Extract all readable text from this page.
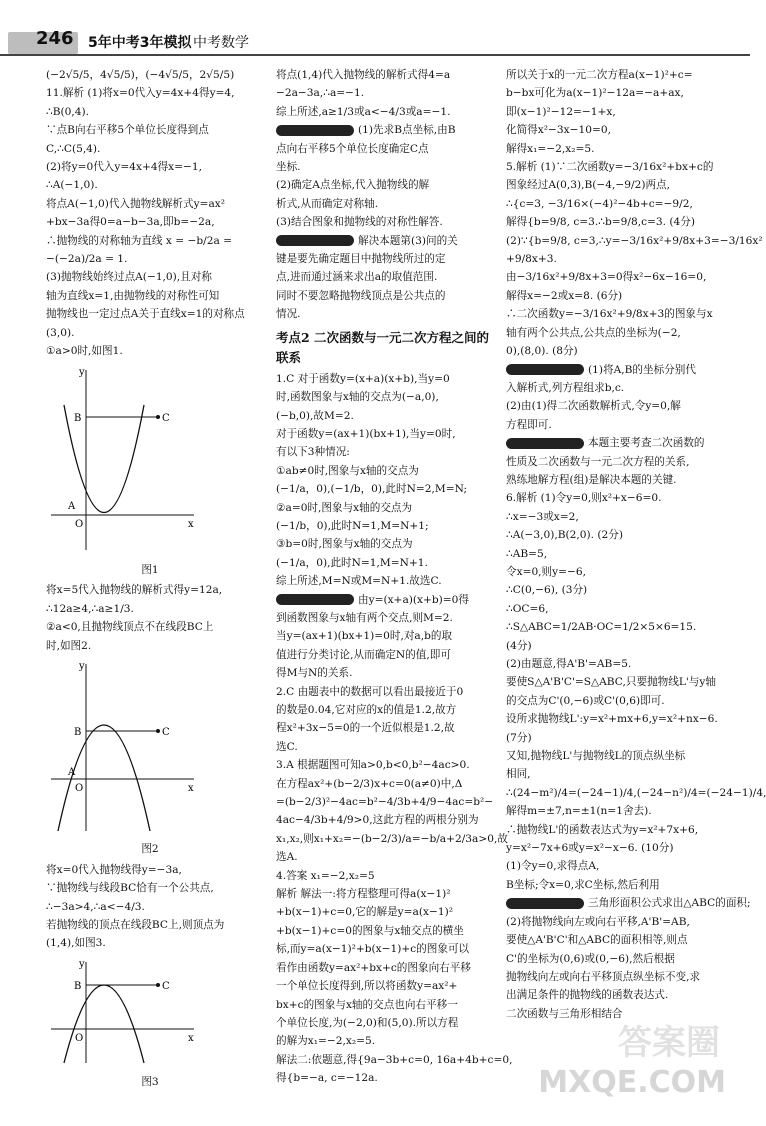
246 5年中考3年模拟 中考数学
(−2√5/5，4√5/5)，(−4√5/5，2√5/5)
11.解析 (1)将x=0代入y=4x+4得y=4,
∴B(0,4).
∵点B向右平移5个单位长度得到点
C,∴C(5,4).
(2)将y=0代入y=4x+4得x=−1,
∴A(−1,0).
将点A(−1,0)代入抛物线解析式y=ax²
+bx−3a得0=a−b−3a,即b=−2a,
∴抛物线的对称轴为直线 x = −b/2a =
−(−2a)/2a = 1.
(3)抛物线始终过点A(−1,0),且对称
轴为直线x=1,由抛物线的对称性可知
抛物线也一定过点A关于直线x=1的对称点
(3,0).
①a>0时,如图1.
y
x
O
A
B	C
图1
将x=5代入抛物线的解析式得y=12a,
∴12a≥4,∴a≥1/3.
②a<0,且抛物线顶点不在线段BC上
时,如图2.
y
x
O
A
B	C
图2
将x=0代入抛物线得y=−3a,
∵抛物线与线段BC恰有一个公共点,
∴−3a>4,∴a<−4/3.
若抛物线的顶点在线段BC上,则顶点为
(1,4),如图3.
y
x
O
B	C
图3
将点(1,4)代入抛物线的解析式得4=a
−2a−3a,∴a=−1.
综上所述,a≥1/3或a<−4/3或a=−1.
(1)先求B点坐标,由B
点向右平移5个单位长度确定C点
坐标.
(2)确定A点坐标,代入抛物线的解
析式,从而确定对称轴.
(3)结合图象和抛物线的对称性解答.
解决本题第(3)问的关
键是要先确定题目中抛物线所过的定
点,进而通过涵来求出a的取值范围.
同时不要忽略抛物线顶点是公共点的
情况.
考点2 二次函数与一元二次方程之间的联系
1.C 对于函数y=(x+a)(x+b),当y=0
时,函数图象与x轴的交点为(−a,0),
(−b,0),故M=2.
对于函数y=(ax+1)(bx+1),当y=0时,
有以下3种情况:
①ab≠0时,图象与x轴的交点为
(−1/a，0),(−1/b，0),此时N=2,M=N;
②a=0时,图象与x轴的交点为
(−1/b，0),此时N=1,M=N+1;
③b=0时,图象与x轴的交点为
(−1/a，0),此时N=1,M=N+1.
综上所述,M=N或M=N+1.故选C.
由y=(x+a)(x+b)=0得
到函数图象与x轴有两个交点,则M=2.
当y=(ax+1)(bx+1)=0时,对a,b的取
值进行分类讨论,从而确定N的值,即可
得M与N的关系.
2.C 由题表中的数据可以看出最接近于0
的数是0.04,它对应的x的值是1.2,故方
程x²+3x−5=0的一个近似根是1.2,故
选C.
3.A 根据题图可知a>0,b<0,b²−4ac>0.
在方程ax²+(b−2/3)x+c=0(a≠0)中,Δ
=(b−2/3)²−4ac=b²−4/3b+4/9−4ac=b²−
4ac−4/3b+4/9>0,这此方程的两根分别为
x₁,x₂,则x₁+x₂=−(b−2/3)/a=−b/a+2/3a>0,故
选A.
4.答案 x₁=−2,x₂=5
解析 解法一:将方程整理可得a(x−1)²
+b(x−1)+c=0,它的解是y=a(x−1)²
+b(x−1)+c=0的图象与x轴交点的横坐
标,而y=a(x−1)²+b(x−1)+c的图象可以
看作由函数y=ax²+bx+c的图象向右平移
一个单位长度得到,所以将函数y=ax²+
bx+c的图象与x轴的交点也向右平移一
个单位长度,为(−2,0)和(5,0).所以方程
的解为x₁=−2,x₂=5.
解法二:依题意,得{9a−3b+c=0, 16a+4b+c=0,
得{b=−a, c=−12a.
所以关于x的一元二次方程a(x−1)²+c=
b−bx可化为a(x−1)²−12a=−a+ax,
即(x−1)²−12=−1+x,
化简得x²−3x−10=0,
解得x₁=−2,x₂=5.
5.解析 (1)∵二次函数y=−3/16x²+bx+c的
图象经过A(0,3),B(−4,−9/2)两点,
∴{c=3, −3/16×(−4)²−4b+c=−9/2,
解得{b=9/8, c=3.∴b=9/8,c=3. (4分)
(2)∵{b=9/8, c=3,∴y=−3/16x²+9/8x+3=−3/16x²
+9/8x+3.
由−3/16x²+9/8x+3=0得x²−6x−16=0,
解得x=−2或x=8. (6分)
∴二次函数y=−3/16x²+9/8x+3的图象与x
轴有两个公共点,公共点的坐标为(−2,
0),(8,0). (8分)
(1)将A,B的坐标分别代
入解析式,列方程组求b,c.
(2)由(1)得二次函数解析式,令y=0,解
方程即可.
本题主要考查二次函数的
性质及二次函数与一元二次方程的关系,
熟练地解方程(组)是解决本题的关键.
6.解析 (1)令y=0,则x²+x−6=0.
∴x=−3或x=2,
∴A(−3,0),B(2,0). (2分)
∴AB=5,
令x=0,则y=−6,
∴C(0,−6), (3分)
∴OC=6,
∴S△ABC=1/2AB·OC=1/2×5×6=15.
(4分)
(2)由题意,得A'B'=AB=5.
要使S△A'B'C'=S△ABC,只要抛物线L'与y轴
的交点为C'(0,−6)或C'(0,6)即可.
设所求抛物线L':y=x²+mx+6,y=x²+nx−6.
(7分)
又知,抛物线L'与抛物线L的顶点纵坐标
相同,
∴(24−m²)/4=(−24−1)/4,(−24−n²)/4=(−24−1)/4,
解得m=±7,n=±1(n=1舍去).
∴抛物线L'的函数表达式为y=x²+7x+6,
y=x²−7x+6或y=x²−x−6. (10分)
(1)令y=0,求得点A,
B坐标;令x=0,求C坐标,然后利用
三角形面积公式求出△ABC的面积;
(2)将抛物线向左或向右平移,A'B'=AB,
要使△A'B'C'和△ABC的面积相等,则点
C'的坐标为(0,6)或(0,−6),然后根据
抛物线向左或向右平移顶点纵坐标不变,求
出满足条件的抛物线的函数表达式.
二次函数与三角形相结合
答案圈
MXQE.COM
